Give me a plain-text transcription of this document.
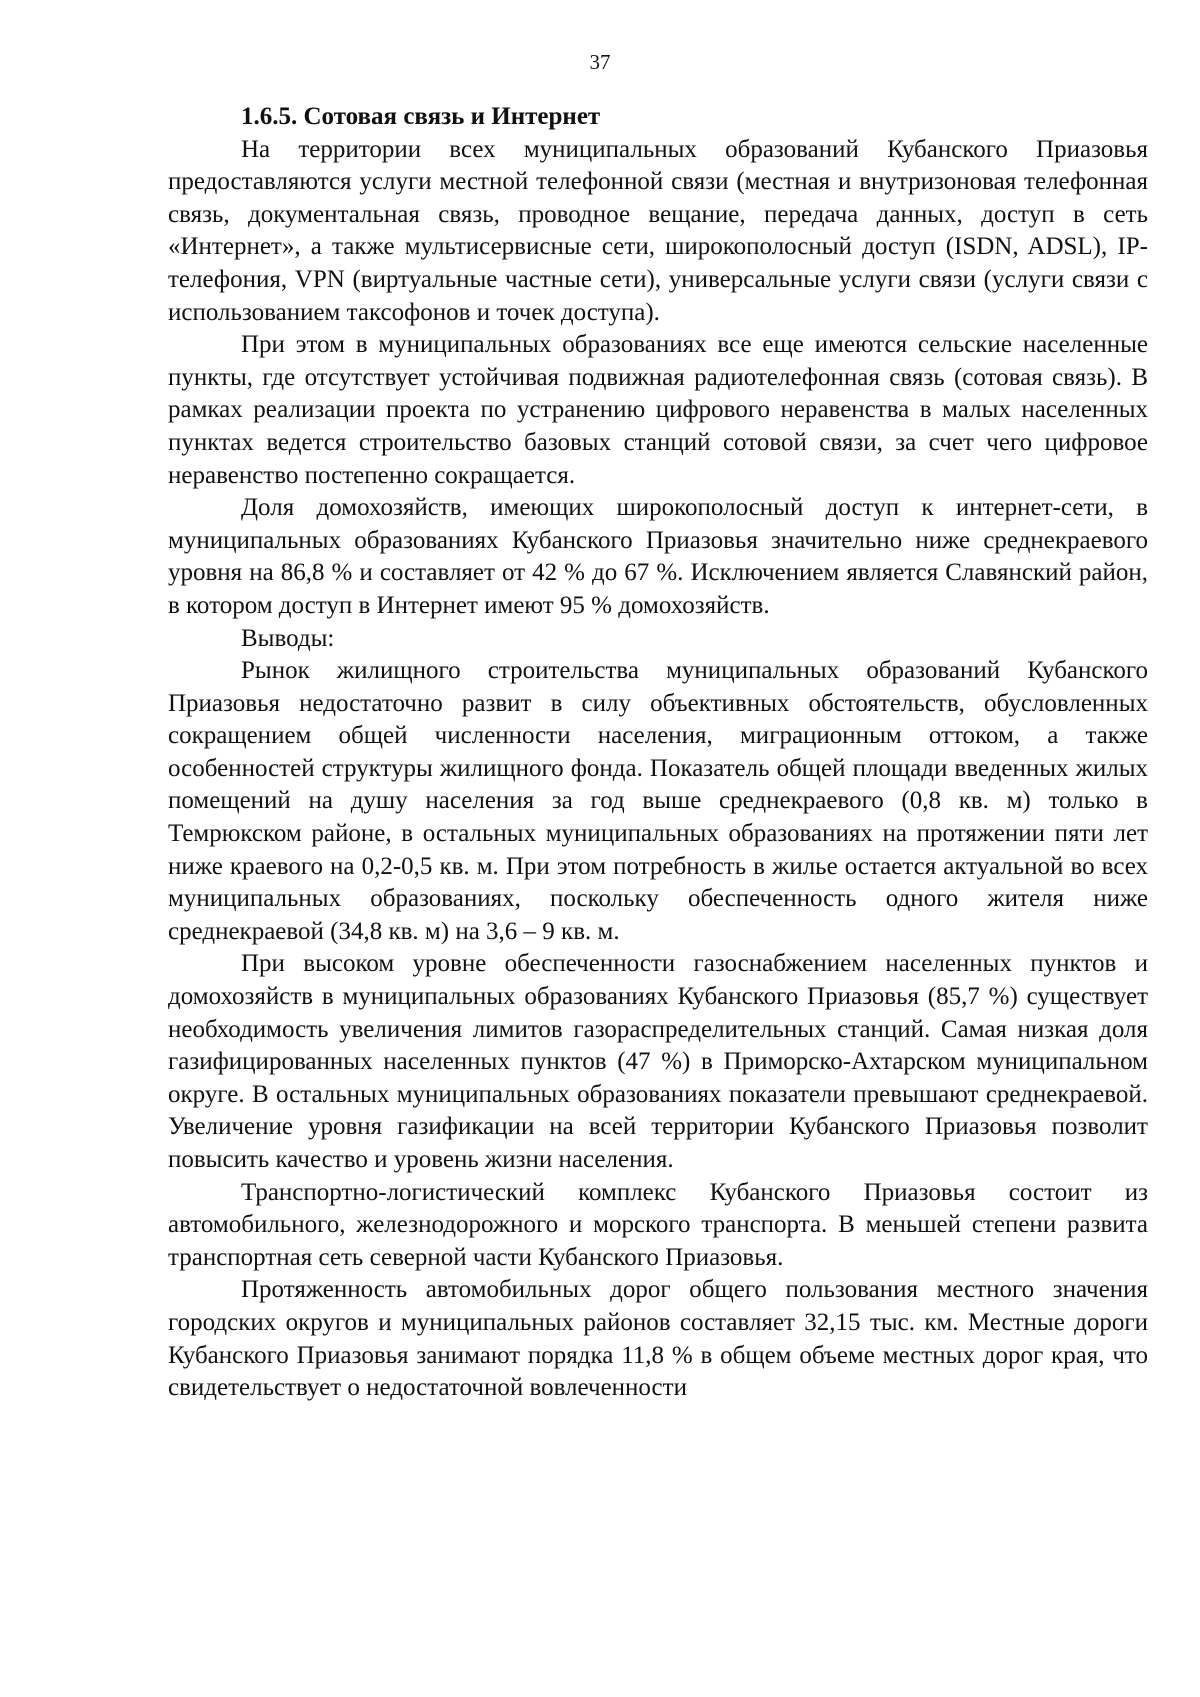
37

1.6.5. Сотовая связь и Интернет

На территории всех муниципальных образований Кубанского Приазовья предоставляются услуги местной телефонной связи (местная и внутризоновая телефонная связь, документальная связь, проводное вещание, передача данных, доступ в сеть «Интернет», а также мультисервисные сети, широкополосный доступ (ISDN, ADSL), IP-телефония, VPN (виртуальные частные сети), универсальные услуги связи (услуги связи с использованием таксофонов и точек доступа).

При этом в муниципальных образованиях все еще имеются сельские населенные пункты, где отсутствует устойчивая подвижная радиотелефонная связь (сотовая связь). В рамках реализации проекта по устранению цифрового неравенства в малых населенных пунктах ведется строительство базовых станций сотовой связи, за счет чего цифровое неравенство постепенно сокращается.

Доля домохозяйств, имеющих широкополосный доступ к интернет-сети, в муниципальных образованиях Кубанского Приазовья значительно ниже среднекраевого уровня на 86,8 % и составляет от 42 % до 67 %. Исключением является Славянский район, в котором доступ в Интернет имеют 95 % домохозяйств.

Выводы:

Рынок жилищного строительства муниципальных образований Кубанского Приазовья недостаточно развит в силу объективных обстоятельств, обусловленных сокращением общей численности населения, миграционным оттоком, а также особенностей структуры жилищного фонда. Показатель общей площади введенных жилых помещений на душу населения за год выше среднекраевого (0,8 кв. м) только в Темрюкском районе, в остальных муниципальных образованиях на протяжении пяти лет ниже краевого на 0,2-0,5 кв. м. При этом потребность в жилье остается актуальной во всех муниципальных образованиях, поскольку обеспеченность одного жителя ниже среднекраевой (34,8 кв. м) на 3,6 – 9 кв. м.

При высоком уровне обеспеченности газоснабжением населенных пунктов и домохозяйств в муниципальных образованиях Кубанского Приазовья (85,7 %) существует необходимость увеличения лимитов газораспределительных станций. Самая низкая доля газифицированных населенных пунктов (47 %) в Приморско-Ахтарском муниципальном округе. В остальных муниципальных образованиях показатели превышают среднекраевой. Увеличение уровня газификации на всей территории Кубанского Приазовья позволит повысить качество и уровень жизни населения.

Транспортно-логистический комплекс Кубанского Приазовья состоит из автомобильного, железнодорожного и морского транспорта. В меньшей степени развита транспортная сеть северной части Кубанского Приазовья.

Протяженность автомобильных дорог общего пользования местного значения городских округов и муниципальных районов составляет 32,15 тыс. км. Местные дороги Кубанского Приазовья занимают порядка 11,8 % в общем объеме местных дорог края, что свидетельствует о недостаточной вовлеченности
